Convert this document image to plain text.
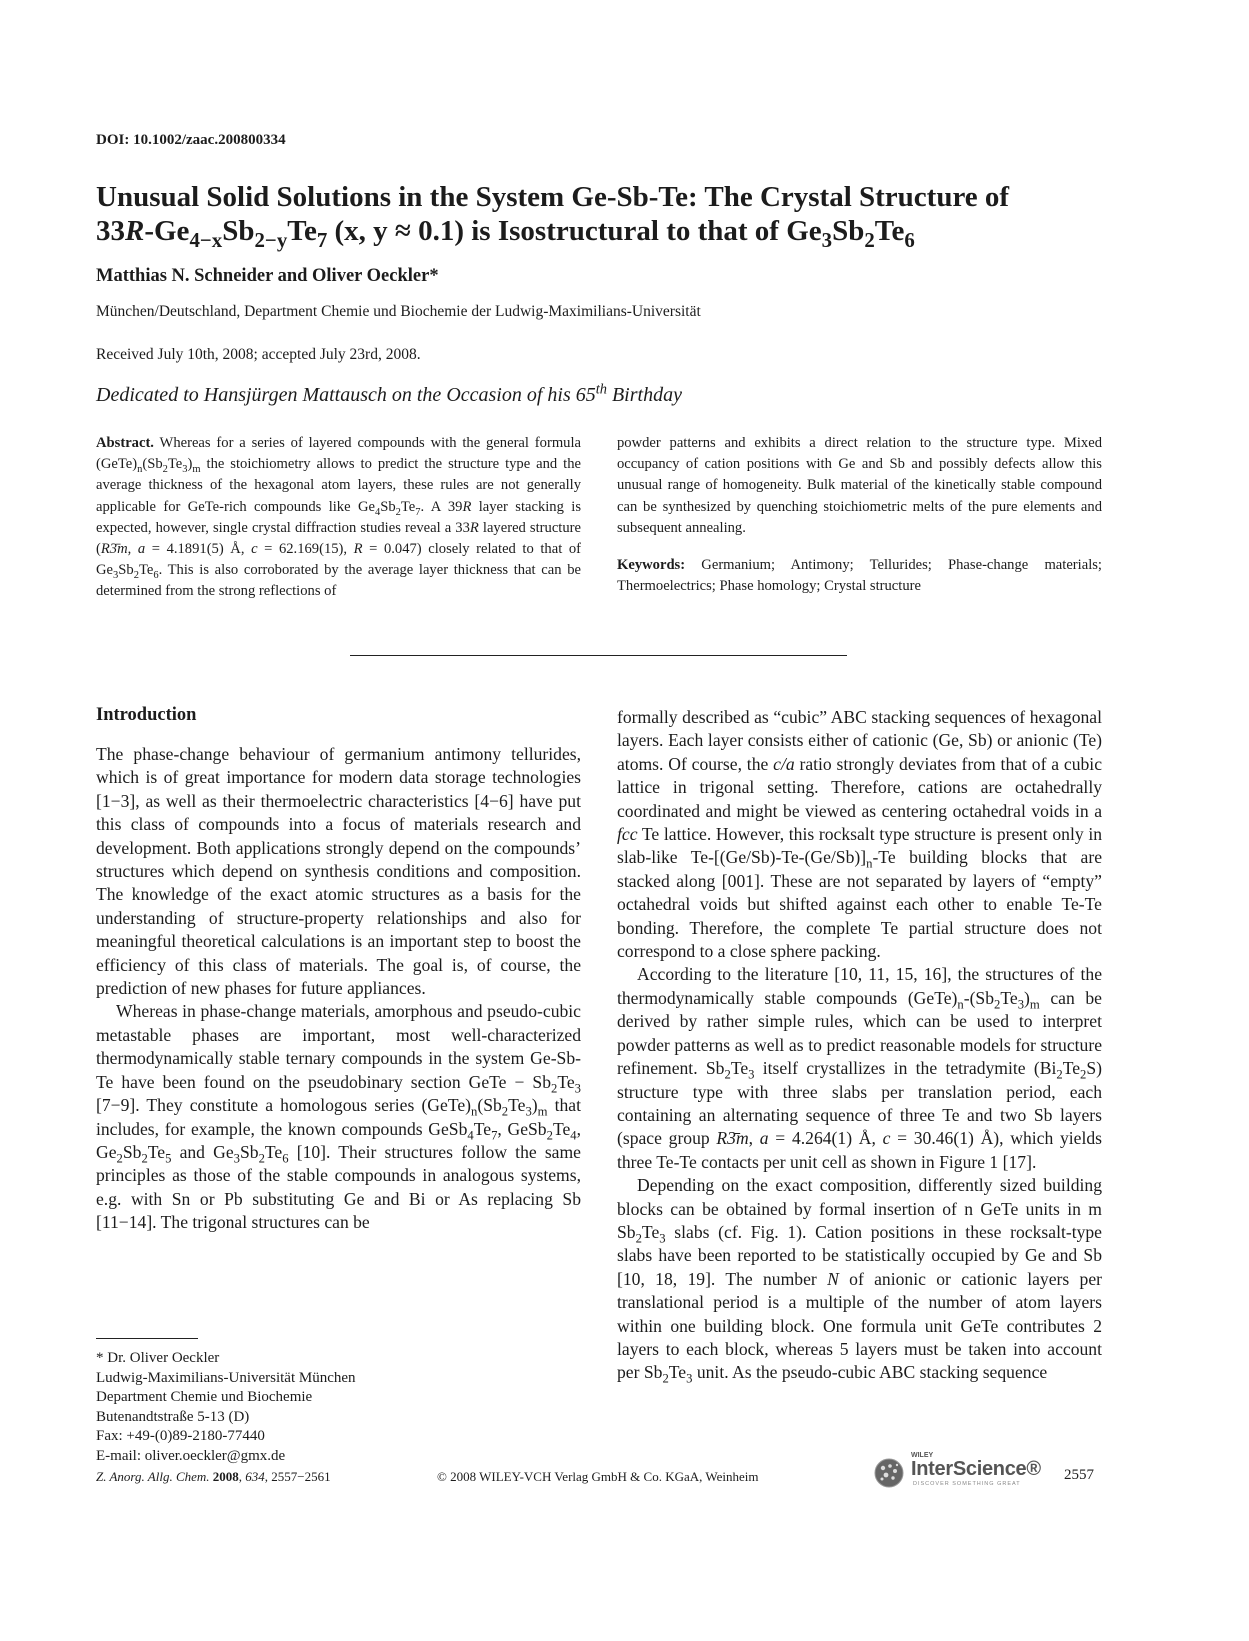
DOI: 10.1002/zaac.200800334
Unusual Solid Solutions in the System Ge-Sb-Te: The Crystal Structure of
$33R-Ge_{4-x}Sb_{2-y}Te_7$ (x, y ≈ 0.1) is Isostructural to that of $Ge_3Sb_2Te_6$
Matthias N. Schneider and Oliver Oeckler*
München/Deutschland, Department Chemie und Biochemie der Ludwig-Maximilians-Universität
Received July 10th, 2008; accepted July 23rd, 2008.
Dedicated to Hansjürgen Mattausch on the Occasion of his 65th Birthday

Abstract. Whereas for a series of layered compounds with the general formula $(GeTe)_n(Sb_2Te_3)_m$ the stoichiometry allows to predict the structure type and the average thickness of the hexagonal atom layers, these rules are not generally applicable for GeTe-rich compounds like $Ge_4Sb_2Te_7$. A 39R layer stacking is expected, however, single crystal diffraction studies reveal a 33R layered structure (R3̄m, a = 4.1891(5) Å, c = 62.169(15), R = 0.047) closely related to that of $Ge_3Sb_2Te_6$. This is also corroborated by the average layer thickness that can be determined from the strong reflections of

powder patterns and exhibits a direct relation to the structure type. Mixed occupancy of cation positions with Ge and Sb and possibly defects allow this unusual range of homogeneity. Bulk material of the kinetically stable compound can be synthesized by quenching stoichiometric melts of the pure elements and subsequent annealing.

Keywords: Germanium; Antimony; Tellurides; Phase-change materials; Thermoelectrics; Phase homology; Crystal structure

Introduction

The phase-change behaviour of germanium antimony tellurides, which is of great importance for modern data storage technologies [1−3], as well as their thermoelectric characteristics [4−6] have put this class of compounds into a focus of materials research and development. Both applications strongly depend on the compounds’ structures which depend on synthesis conditions and composition. The knowledge of the exact atomic structures as a basis for the understanding of structure-property relationships and also for meaningful theoretical calculations is an important step to boost the efficiency of this class of materials. The goal is, of course, the prediction of new phases for future appliances.

Whereas in phase-change materials, amorphous and pseudo-cubic metastable phases are important, most well-characterized thermodynamically stable ternary compounds in the system Ge-Sb-Te have been found on the pseudobinary section GeTe − $Sb_2Te_3$ [7−9]. They constitute a homologous series $(GeTe)_n(Sb_2Te_3)_m$ that includes, for example, the known compounds $GeSb_4Te_7$, $GeSb_2Te_4$, $Ge_2Sb_2Te_5$ and $Ge_3Sb_2Te_6$ [10]. Their structures follow the same principles as those of the stable compounds in analogous systems, e.g. with Sn or Pb substituting Ge and Bi or As replacing Sb [11−14]. The trigonal structures can be

formally described as “cubic” ABC stacking sequences of hexagonal layers. Each layer consists either of cationic (Ge, Sb) or anionic (Te) atoms. Of course, the c/a ratio strongly deviates from that of a cubic lattice in trigonal setting. Therefore, cations are octahedrally coordinated and might be viewed as centering octahedral voids in a fcc Te lattice. However, this rocksalt type structure is present only in slab-like $Te-[(Ge/Sb)-Te-(Ge/Sb)]_n-Te$ building blocks that are stacked along [001]. These are not separated by layers of “empty” octahedral voids but shifted against each other to enable Te-Te bonding. Therefore, the complete Te partial structure does not correspond to a close sphere packing.

According to the literature [10, 11, 15, 16], the structures of the thermodynamically stable compounds $(GeTe)_n-(Sb_2Te_3)_m$ can be derived by rather simple rules, which can be used to interpret powder patterns as well as to predict reasonable models for structure refinement. $Sb_2Te_3$ itself crystallizes in the tetradymite $(Bi_2Te_2S)$ structure type with three slabs per translation period, each containing an alternating sequence of three Te and two Sb layers (space group R3̄m, a = 4.264(1) Å, c = 30.46(1) Å), which yields three Te-Te contacts per unit cell as shown in Figure 1 [17].

Depending on the exact composition, differently sized building blocks can be obtained by formal insertion of n GeTe units in m $Sb_2Te_3$ slabs (cf. Fig. 1). Cation positions in these rocksalt-type slabs have been reported to be statistically occupied by Ge and Sb [10, 18, 19]. The number N of anionic or cationic layers per translational period is a multiple of the number of atom layers within one building block. One formula unit GeTe contributes 2 layers to each block, whereas 5 layers must be taken into account per $Sb_2Te_3$ unit. As the pseudo-cubic ABC stacking sequence

* Dr. Oliver Oeckler
Ludwig-Maximilians-Universität München
Department Chemie und Biochemie
Butenandtstraße 5-13 (D)
Fax: +49-(0)89-2180-77440
E-mail: oliver.oeckler@gmx.de
Z. Anorg. Allg. Chem. 2008, 634, 2557−2561	© 2008 WILEY-VCH Verlag GmbH & Co. KGaA, Weinheim
WILEY
InterScience®
DISCOVER SOMETHING GREAT
2557
